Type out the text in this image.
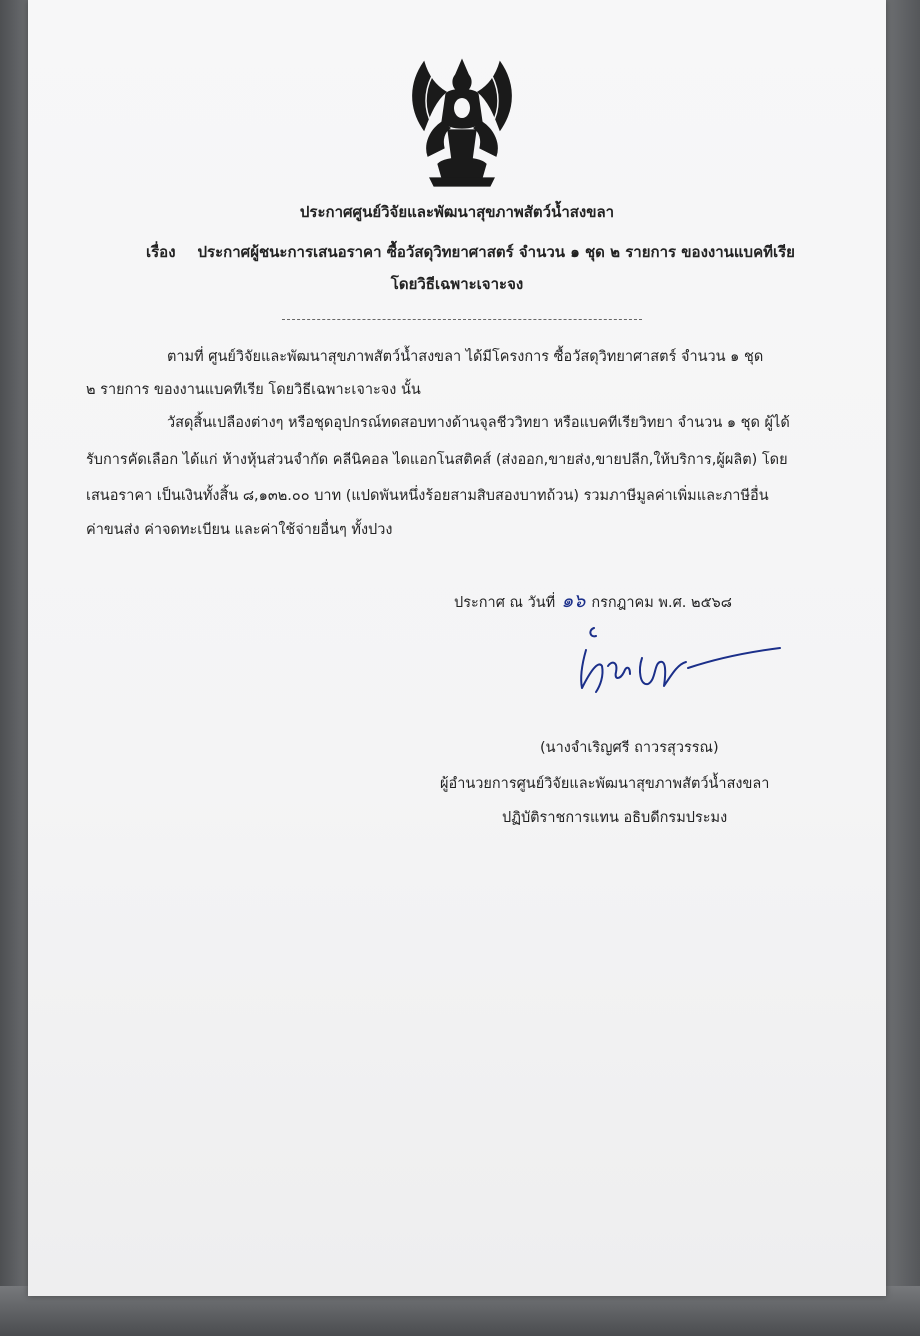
ประกาศศูนย์วิจัยและพัฒนาสุขภาพสัตว์น้ำสงขลา
เรื่อง ประกาศผู้ชนะการเสนอราคา ซื้อวัสดุวิทยาศาสตร์ จำนวน ๑ ชุด ๒ รายการ ของงานแบคทีเรีย
โดยวิธีเฉพาะเจาะจง
ตามที่ ศูนย์วิจัยและพัฒนาสุขภาพสัตว์น้ำสงขลา ได้มีโครงการ ซื้อวัสดุวิทยาศาสตร์ จำนวน ๑ ชุด
๒ รายการ ของงานแบคทีเรีย โดยวิธีเฉพาะเจาะจง นั้น
วัสดุสิ้นเปลืองต่างๆ หรือชุดอุปกรณ์ทดสอบทางด้านจุลชีววิทยา หรือแบคทีเรียวิทยา จำนวน ๑ ชุด ผู้ได้
รับการคัดเลือก ได้แก่ ห้างหุ้นส่วนจำกัด คลีนิคอล ไดแอกโนสติคส์ (ส่งออก,ขายส่ง,ขายปลีก,ให้บริการ,ผู้ผลิต) โดย
เสนอราคา เป็นเงินทั้งสิ้น ๘,๑๓๒.๐๐ บาท (แปดพันหนึ่งร้อยสามสิบสองบาทถ้วน) รวมภาษีมูลค่าเพิ่มและภาษีอื่น
ค่าขนส่ง ค่าจดทะเบียน และค่าใช้จ่ายอื่นๆ ทั้งปวง
ประกาศ ณ วันที่ ๑๖ กรกฎาคม พ.ศ. ๒๕๖๘
(นางจำเริญศรี ถาวรสุวรรณ)
ผู้อำนวยการศูนย์วิจัยและพัฒนาสุขภาพสัตว์น้ำสงขลา
ปฏิบัติราชการแทน อธิบดีกรมประมง
